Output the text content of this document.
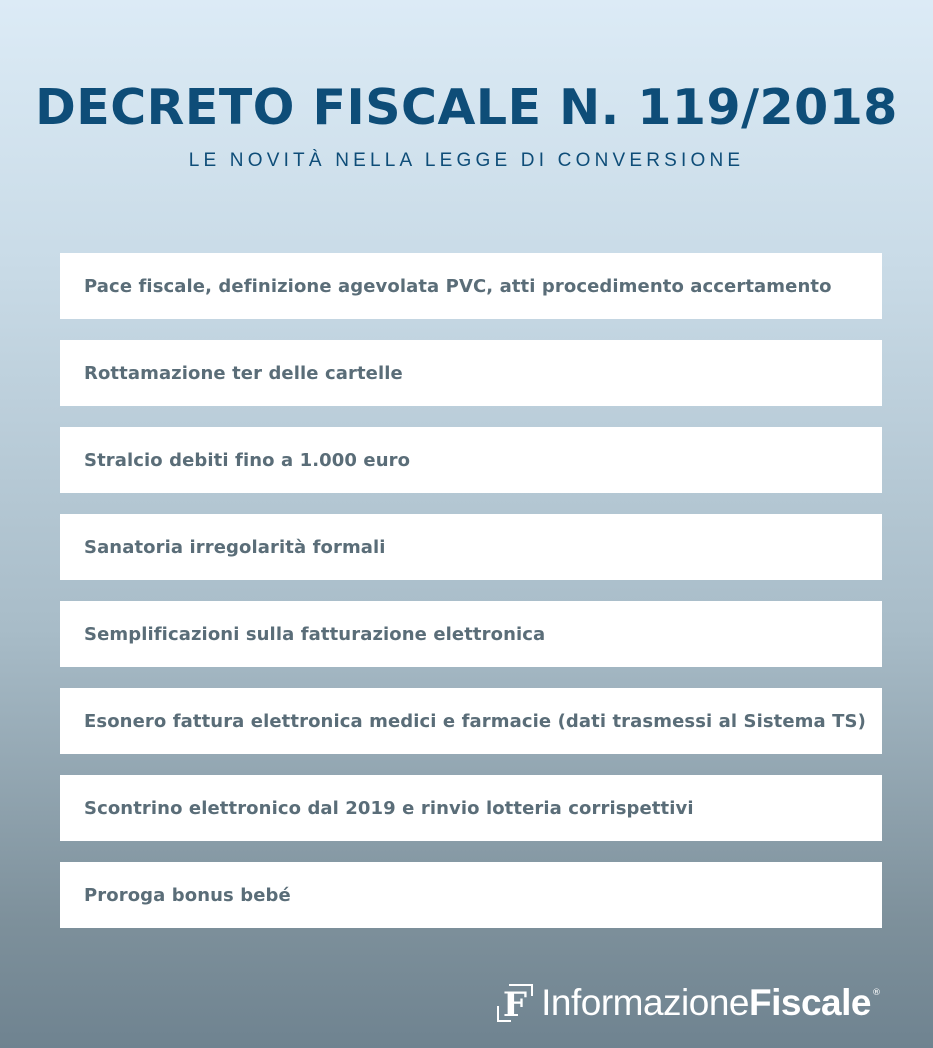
DECRETO FISCALE N. 119/2018
LE NOVITÀ NELLA LEGGE DI CONVERSIONE
Pace fiscale, definizione agevolata PVC, atti procedimento accertamento
Rottamazione ter delle cartelle
Stralcio debiti fino a 1.000 euro
Sanatoria irregolarità formali
Semplificazioni sulla fatturazione elettronica
Esonero fattura elettronica medici e farmacie (dati trasmessi al Sistema TS)
Scontrino elettronico dal 2019 e rinvio lotteria corrispettivi
Proroga bonus bebé
F InformazioneFiscale ®
